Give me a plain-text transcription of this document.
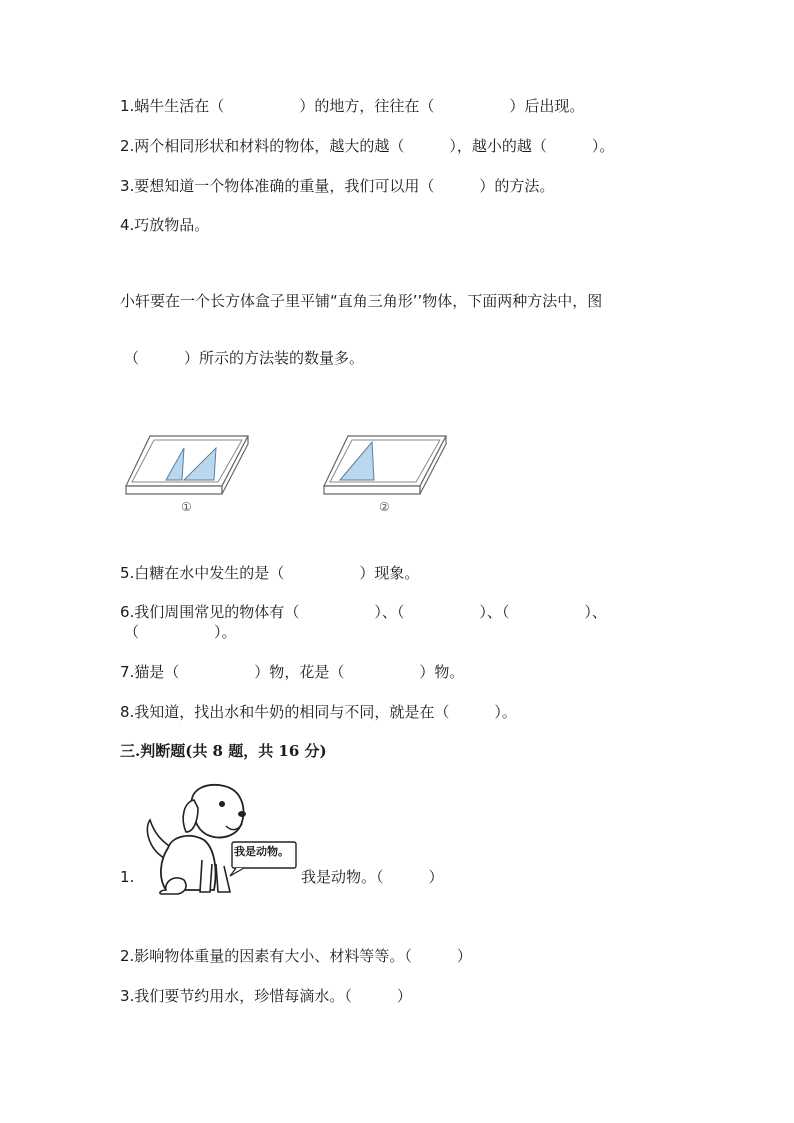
1.蜗牛生活在（　　　　　）的地方，往往在（　　　　　）后出现。
2.两个相同形状和材料的物体，越大的越（　　　），越小的越（　　　）。
3.要想知道一个物体准确的重量，我们可以用（　　　）的方法。
4.巧放物品。
小轩要在一个长方体盒子里平铺“直角三角形’’物体，下面两种方法中，图
（　　　）所示的方法装的数量多。
①	②
5.白糖在水中发生的是（　　　　　）现象。
6.我们周围常见的物体有（　　　　　）、（　　　　　）、（　　　　　）、
（　　　　　）。
7.猫是（　　　　　）物，花是（　　　　　）物。
8.我知道，找出水和牛奶的相同与不同，就是在（　　　）。
三.判断题(共 8 题，共 16 分)
1.
我是动物。
我是动物。（　　　）
2.影响物体重量的因素有大小、材料等等。（　　　）
3.我们要节约用水，珍惜每滴水。（　　　）
